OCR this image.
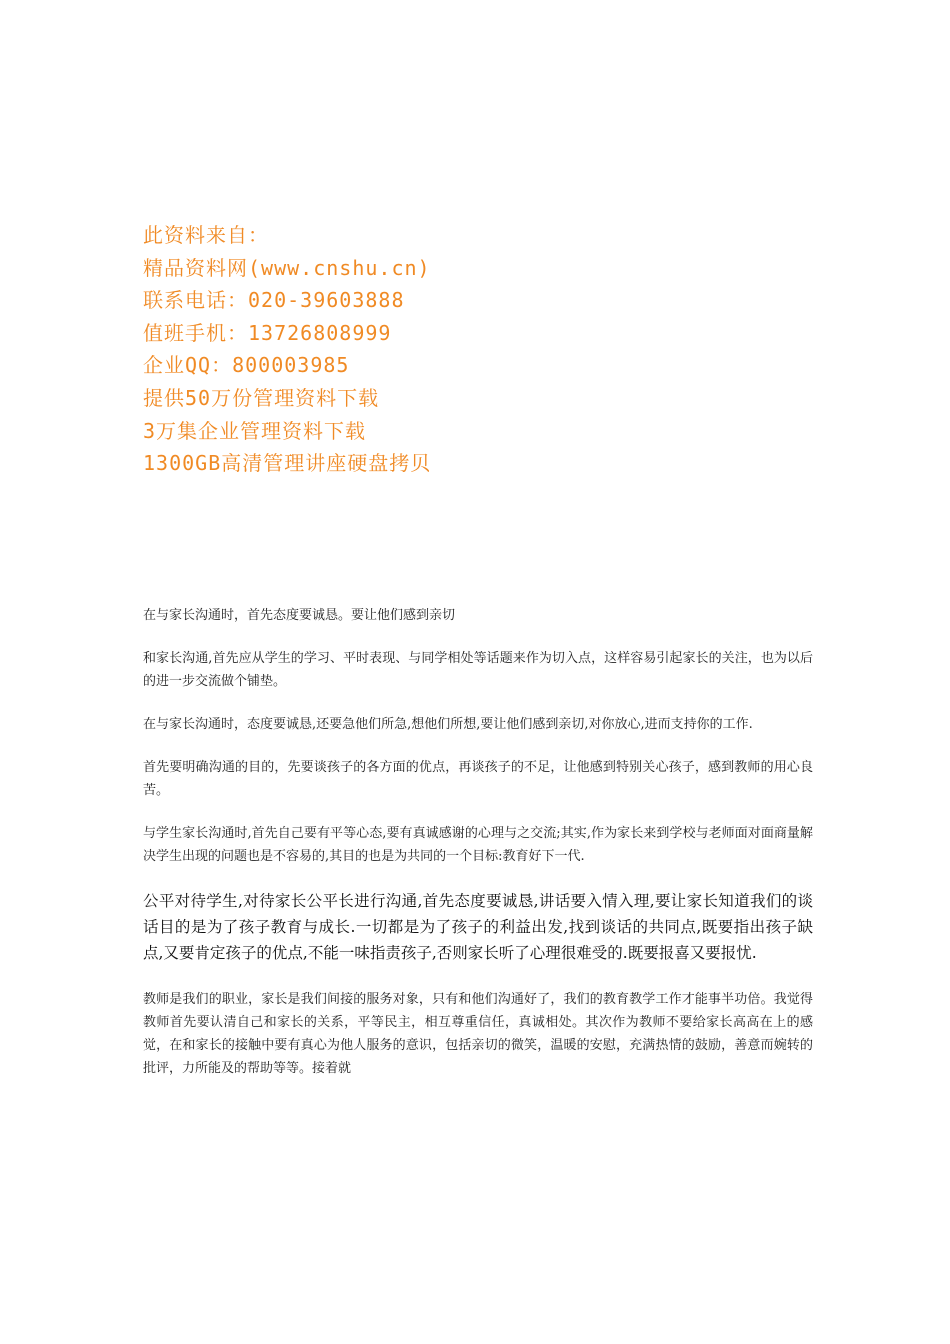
此资料来自：
精品资料网(www.cnshu.cn)
联系电话：020-39603888
值班手机：13726808999
企业QQ：800003985
提供50万份管理资料下载
3万集企业管理资料下载
1300GB高清管理讲座硬盘拷贝

在与家长沟通时，首先态度要诚恳。要让他们感到亲切

和家长沟通,首先应从学生的学习、平时表现、与同学相处等话题来作为切入点，这样容易引起家长的关注，也为以后的进一步交流做个铺垫。

在与家长沟通时，态度要诚恳,还要急他们所急,想他们所想,要让他们感到亲切,对你放心,进而支持你的工作.

首先要明确沟通的目的，先要谈孩子的各方面的优点，再谈孩子的不足，让他感到特别关心孩子，感到教师的用心良苦。

与学生家长沟通时,首先自己要有平等心态,要有真诚感谢的心理与之交流;其实,作为家长来到学校与老师面对面商量解决学生出现的问题也是不容易的,其目的也是为共同的一个目标:教育好下一代.

公平对待学生,对待家长公平长进行沟通,首先态度要诚恳,讲话要入情入理,要让家长知道我们的谈话目的是为了孩子教育与成长.一切都是为了孩子的利益出发,找到谈话的共同点,既要指出孩子缺点,又要肯定孩子的优点,不能一味指责孩子,否则家长听了心理很难受的.既要报喜又要报忧.

教师是我们的职业，家长是我们间接的服务对象，只有和他们沟通好了，我们的教育教学工作才能事半功倍。我觉得教师首先要认清自己和家长的关系，平等民主，相互尊重信任，真诚相处。其次作为教师不要给家长高高在上的感觉，在和家长的接触中要有真心为他人服务的意识，包括亲切的微笑，温暖的安慰，充满热情的鼓励，善意而婉转的批评，力所能及的帮助等等。接着就
